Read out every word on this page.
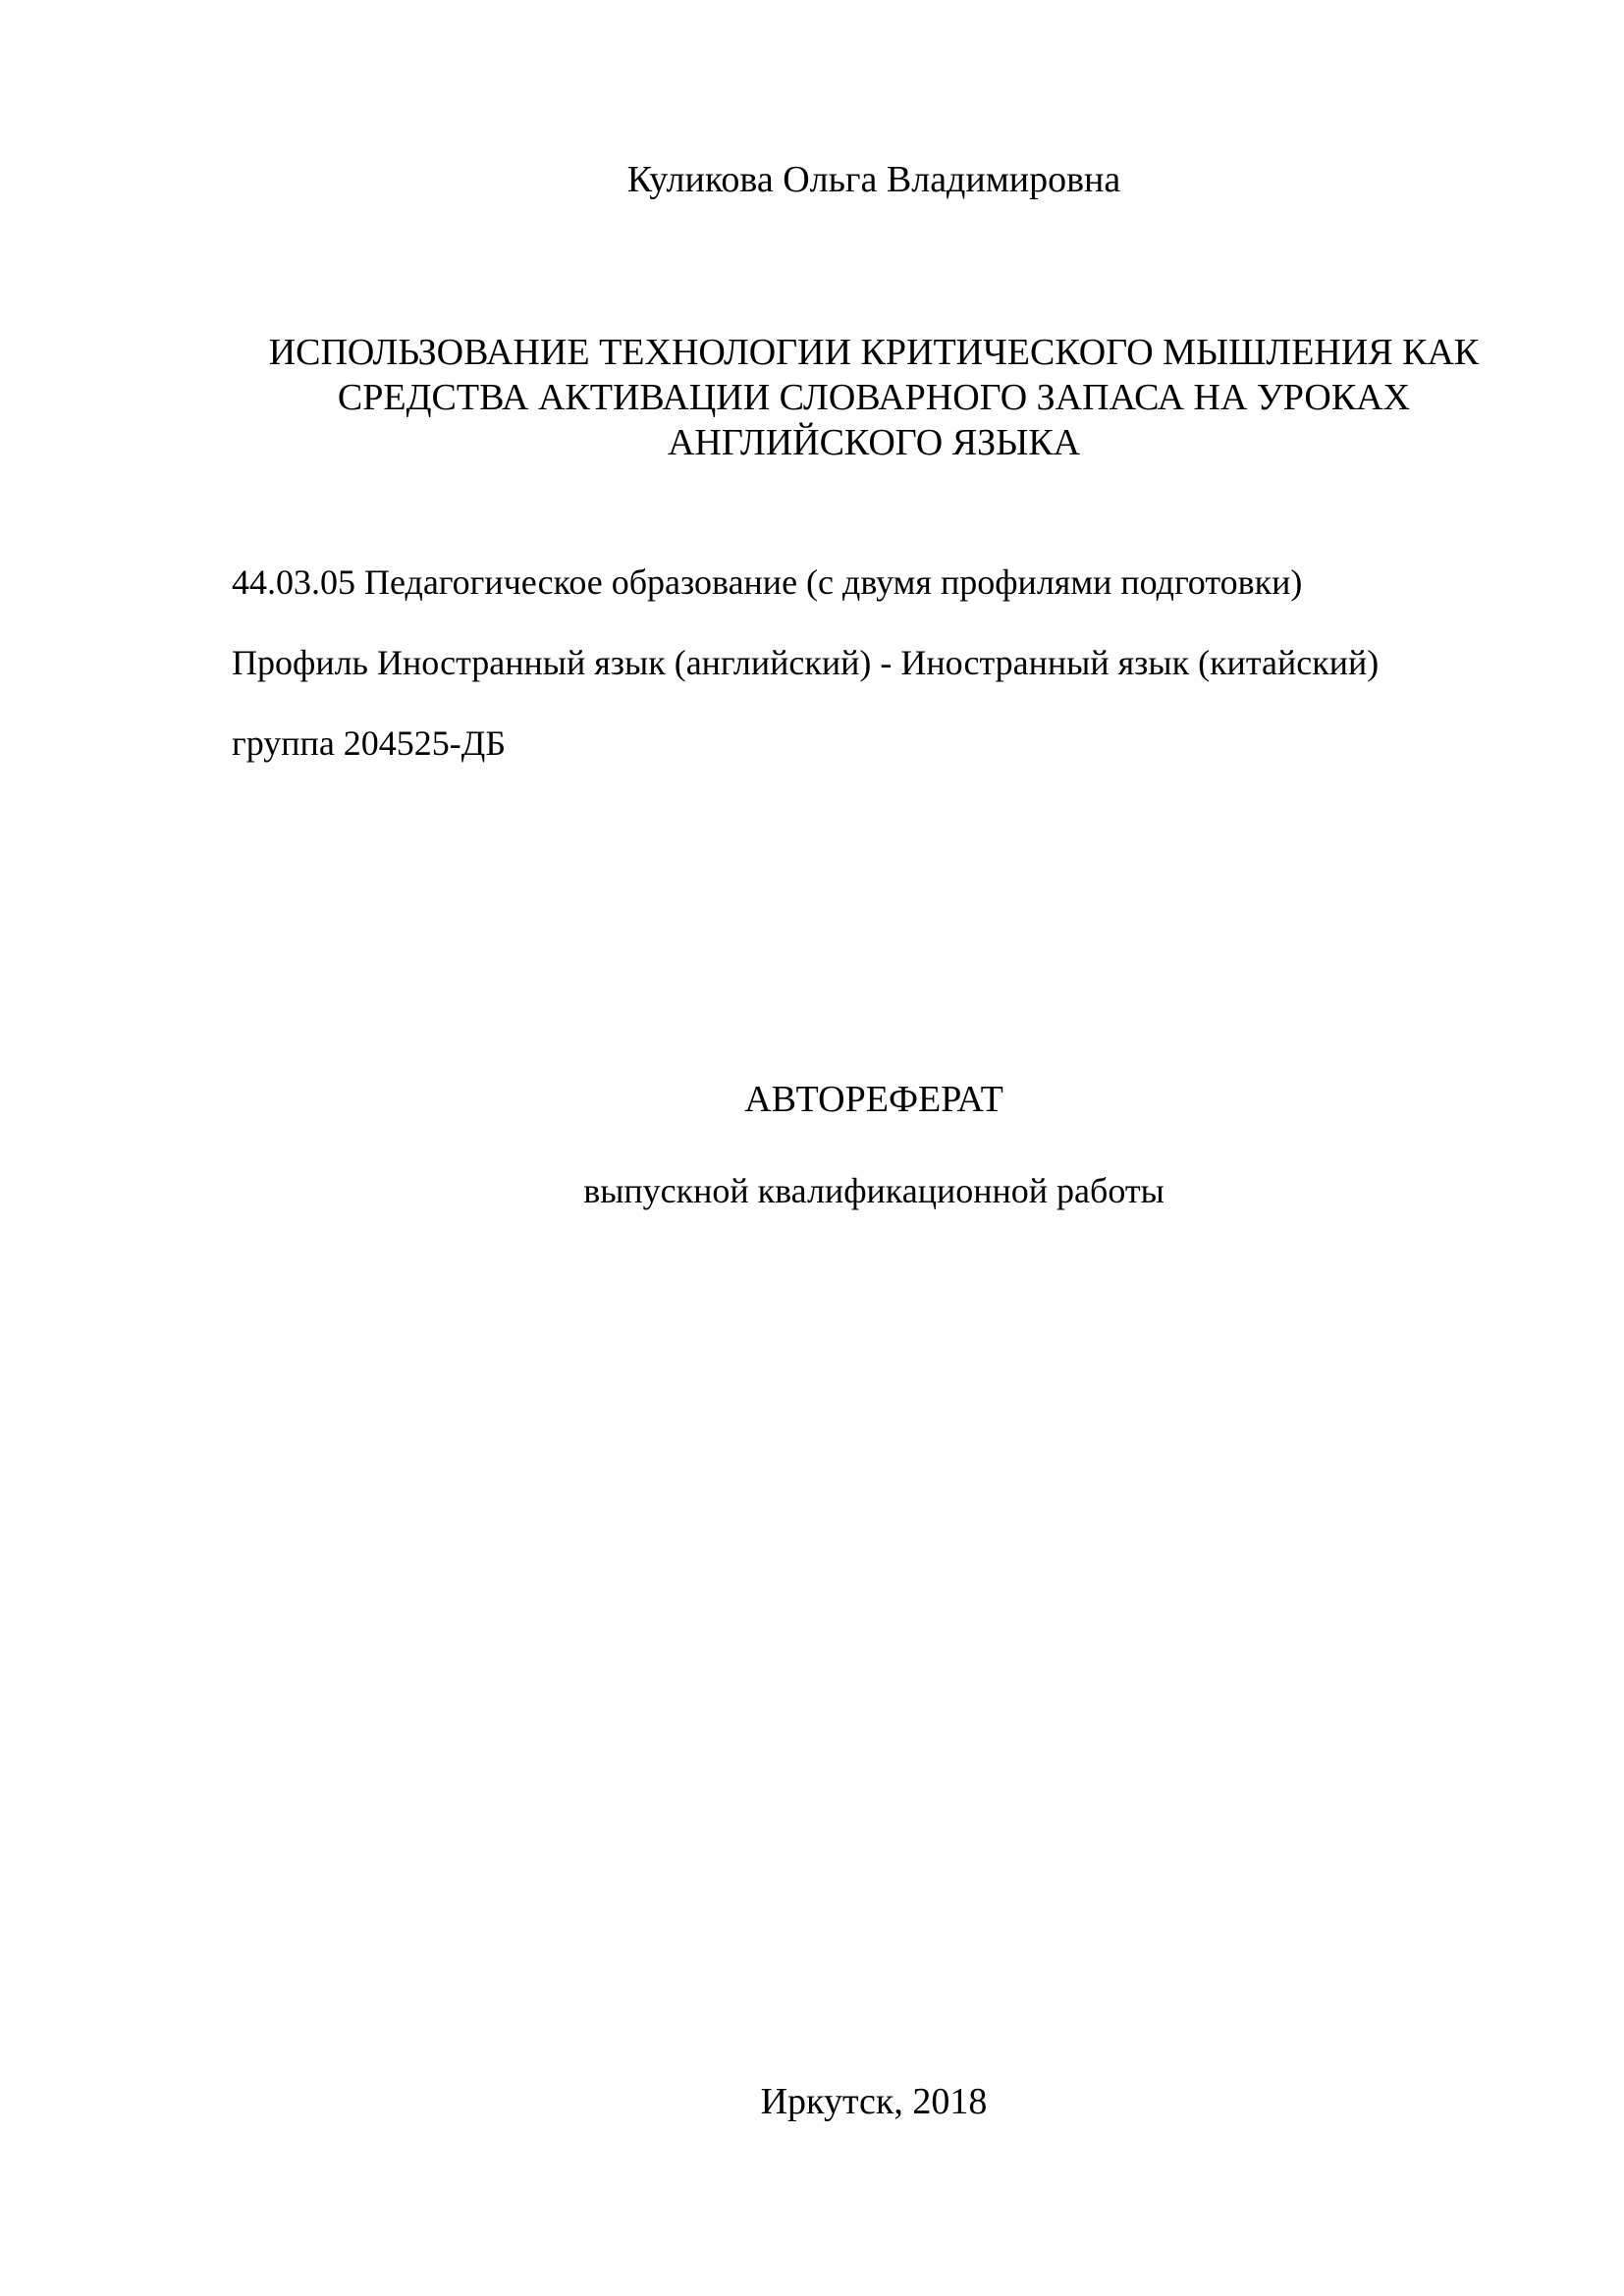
Куликова Ольга Владимировна
ИСПОЛЬЗОВАНИЕ ТЕХНОЛОГИИ КРИТИЧЕСКОГО МЫШЛЕНИЯ КАК
СРЕДСТВА АКТИВАЦИИ СЛОВАРНОГО ЗАПАСА НА УРОКАХ
АНГЛИЙСКОГО ЯЗЫКА
44.03.05 Педагогическое образование (с двумя профилями подготовки)
Профиль Иностранный язык (английский) - Иностранный язык (китайский)
группа 204525-ДБ
АВТОРЕФЕРАТ
выпускной квалификационной работы
Иркутск, 2018
